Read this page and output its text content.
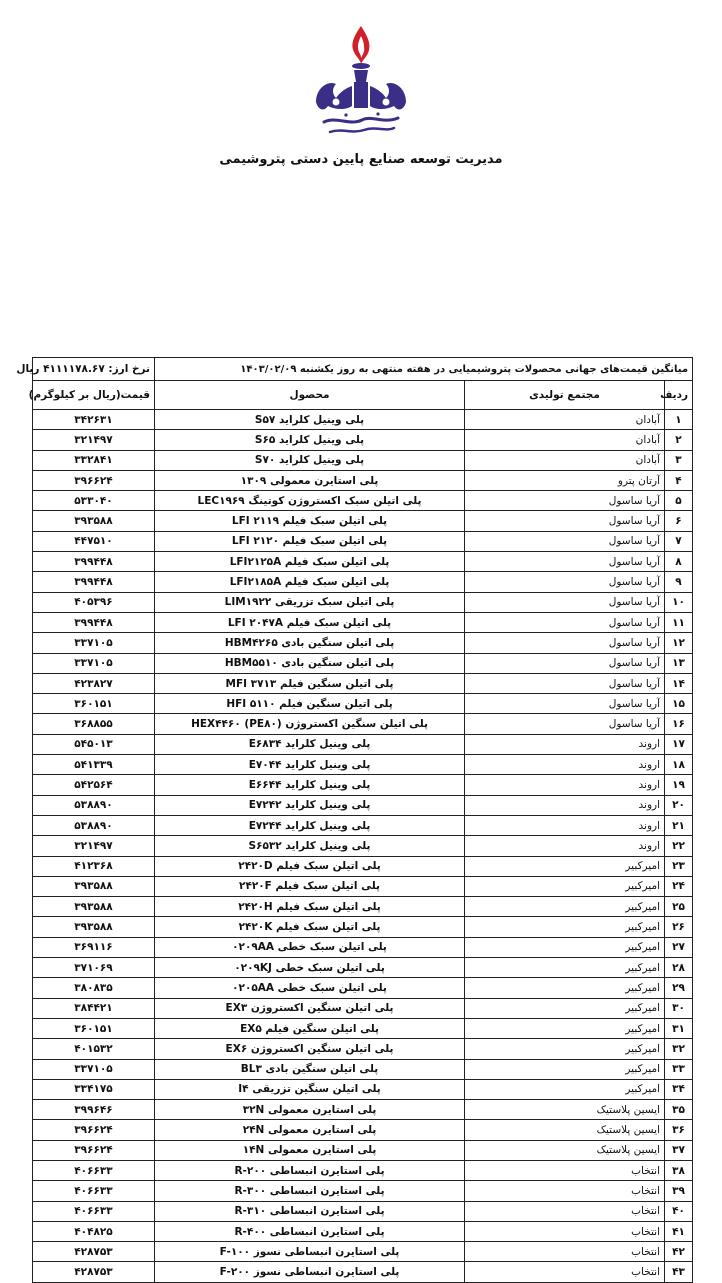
مدیریت توسعه صنایع پایین دستی پتروشیمی
میانگین قیمت‌های جهانی محصولات پتروشیمیایی در هفته منتهی به روز یکشنبه ۱۴۰۳/۰۲/۰۹			نرخ ارز: ۴۱۱۱۱۷۸.۶۷ ریال
ردیف	مجتمع تولیدی	محصول	قیمت(ریال بر کیلوگرم)
۱	آبادان	پلی وینیل کلراید S۵۷	۳۴۲۶۳۱
۲	آبادان	پلی وینیل کلراید S۶۵	۳۲۱۴۹۷
۳	آبادان	پلی وینیل کلراید S۷۰	۳۳۲۸۴۱
۴	آرتان پترو	پلی استایرن معمولی ۱۳۰۹	۳۹۶۶۲۴
۵	آریا ساسول	پلی اتیلن سبک اکستروژن کوتینگ LEC۱۹۶۹	۵۳۳۰۴۰
۶	آریا ساسول	پلی اتیلن سبک فیلم LFI ۲۱۱۹	۳۹۳۵۸۸
۷	آریا ساسول	پلی اتیلن سبک فیلم LFI ۲۱۲۰	۴۴۷۵۱۰
۸	آریا ساسول	پلی اتیلن سبک فیلم LFI۲۱۲۵A	۳۹۹۴۴۸
۹	آریا ساسول	پلی اتیلن سبک فیلم LFI۲۱۸۵A	۳۹۹۴۴۸
۱۰	آریا ساسول	پلی اتیلن سبک تزریقی LIM۱۹۲۲	۴۰۵۳۹۶
۱۱	آریا ساسول	پلی اتیلن سبک فیلم LFI ۲۰۴۷A	۳۹۹۴۴۸
۱۲	آریا ساسول	پلی اتیلن سنگین بادی HBM۴۲۶۵	۳۳۷۱۰۵
۱۳	آریا ساسول	پلی اتیلن سنگین بادی HBM۵۵۱۰	۳۳۷۱۰۵
۱۴	آریا ساسول	پلی اتیلن سنگین فیلم MFI ۳۷۱۳	۴۲۳۸۲۷
۱۵	آریا ساسول	پلی اتیلن سنگین فیلم HFI ۵۱۱۰	۳۶۰۱۵۱
۱۶	آریا ساسول	پلی اتیلن سنگین اکستروژن (PE۸۰) HEX۴۴۶۰	۳۶۸۸۵۵
۱۷	اروند	پلی وینیل کلراید E۶۸۳۴	۵۴۵۰۱۳
۱۸	اروند	پلی وینیل کلراید E۷۰۴۴	۵۴۱۳۳۹
۱۹	اروند	پلی وینیل کلراید E۶۶۴۴	۵۴۲۵۶۴
۲۰	اروند	پلی وینیل کلراید E۷۲۴۲	۵۳۸۸۹۰
۲۱	اروند	پلی وینیل کلراید E۷۲۴۴	۵۳۸۸۹۰
۲۲	اروند	پلی وینیل کلراید S۶۵۳۲	۳۲۱۴۹۷
۲۳	امیرکبیر	پلی اتیلن سبک فیلم ۲۴۲۰D	۴۱۲۳۶۸
۲۴	امیرکبیر	پلی اتیلن سبک فیلم ۲۴۲۰F	۳۹۳۵۸۸
۲۵	امیرکبیر	پلی اتیلن سبک فیلم ۲۴۲۰H	۳۹۳۵۸۸
۲۶	امیرکبیر	پلی اتیلن سبک فیلم ۲۴۲۰K	۳۹۳۵۸۸
۲۷	امیرکبیر	پلی اتیلن سبک خطی ۰۲۰۹AA	۳۶۹۱۱۶
۲۸	امیرکبیر	پلی اتیلن سبک خطی ۰۲۰۹KJ	۳۷۱۰۶۹
۲۹	امیرکبیر	پلی اتیلن سبک خطی ۰۲۰۵AA	۳۸۰۸۳۵
۳۰	امیرکبیر	پلی اتیلن سنگین اکستروژن EX۳	۳۸۴۴۲۱
۳۱	امیرکبیر	پلی اتیلن سنگین فیلم EX۵	۳۶۰۱۵۱
۳۲	امیرکبیر	پلی اتیلن سنگین اکستروژن EX۶	۴۰۱۵۳۲
۳۳	امیرکبیر	پلی اتیلن سنگین بادی BL۳	۳۳۷۱۰۵
۳۴	امیرکبیر	پلی اتیلن سنگین تزریقی I۴	۳۳۴۱۷۵
۳۵	ایسین پلاستیک	پلی استایرن معمولی ۳۲N	۳۹۹۶۴۶
۳۶	ایسین پلاستیک	پلی استایرن معمولی ۲۴N	۳۹۶۶۲۴
۳۷	ایسین پلاستیک	پلی استایرن معمولی ۱۴N	۳۹۶۶۲۴
۳۸	انتخاب	پلی استایرن انبساطی R-۲۰۰	۴۰۶۶۳۳
۳۹	انتخاب	پلی استایرن انبساطی R-۳۰۰	۴۰۶۶۳۳
۴۰	انتخاب	پلی استایرن انبساطی R-۳۱۰	۴۰۶۶۳۳
۴۱	انتخاب	پلی استایرن انبساطی R-۴۰۰	۴۰۴۸۲۵
۴۲	انتخاب	پلی استایرن انبساطی نسوز F-۱۰۰	۴۲۸۷۵۳
۴۳	انتخاب	پلی استایرن انبساطی نسوز F-۲۰۰	۴۲۸۷۵۳
